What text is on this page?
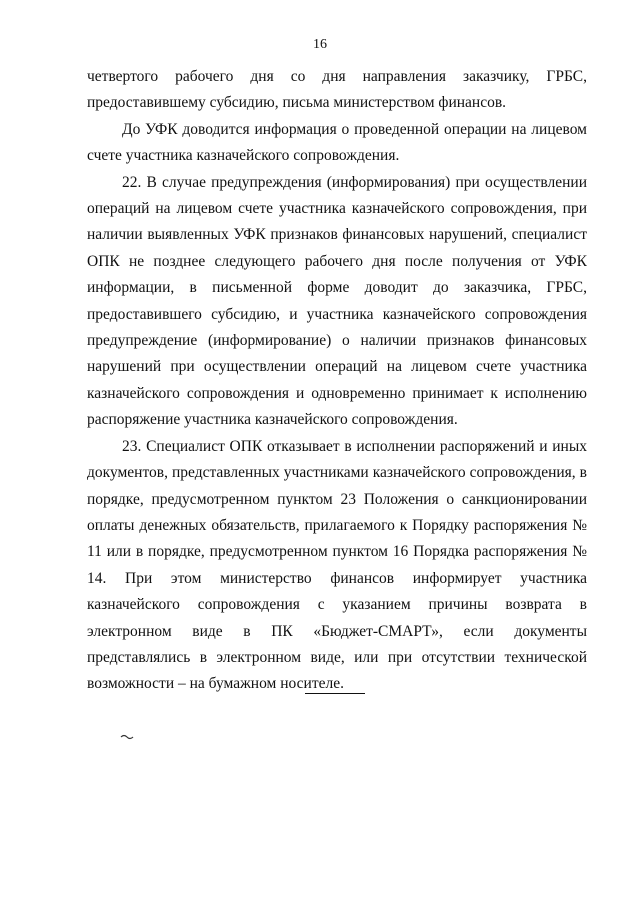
16

четвертого рабочего дня со дня направления заказчику, ГРБС, предоставившему субсидию, письма министерством финансов.

До УФК доводится информация о проведенной операции на лицевом счете участника казначейского сопровождения.

22. В случае предупреждения (информирования) при осуществлении операций на лицевом счете участника казначейского сопровождения, при наличии выявленных УФК признаков финансовых нарушений, специалист ОПК не позднее следующего рабочего дня после получения от УФК информации, в письменной форме доводит до заказчика, ГРБС, предоставившего субсидию, и участника казначейского сопровождения предупреждение (информирование) о наличии признаков финансовых нарушений при осуществлении операций на лицевом счете участника казначейского сопровождения и одновременно принимает к исполнению распоряжение участника казначейского сопровождения.

23. Специалист ОПК отказывает в исполнении распоряжений и иных документов, представленных участниками казначейского сопровождения, в порядке, предусмотренном пунктом 23 Положения о санкционировании оплаты денежных обязательств, прилагаемого к Порядку распоряжения № 11 или в порядке, предусмотренном пунктом 16 Порядка распоряжения № 14. При этом министерство финансов информирует участника казначейского сопровождения с указанием причины возврата в электронном виде в ПК «Бюджет-СМАРТ», если документы представлялись в электронном виде, или при отсутствии технической возможности – на бумажном носителе.
